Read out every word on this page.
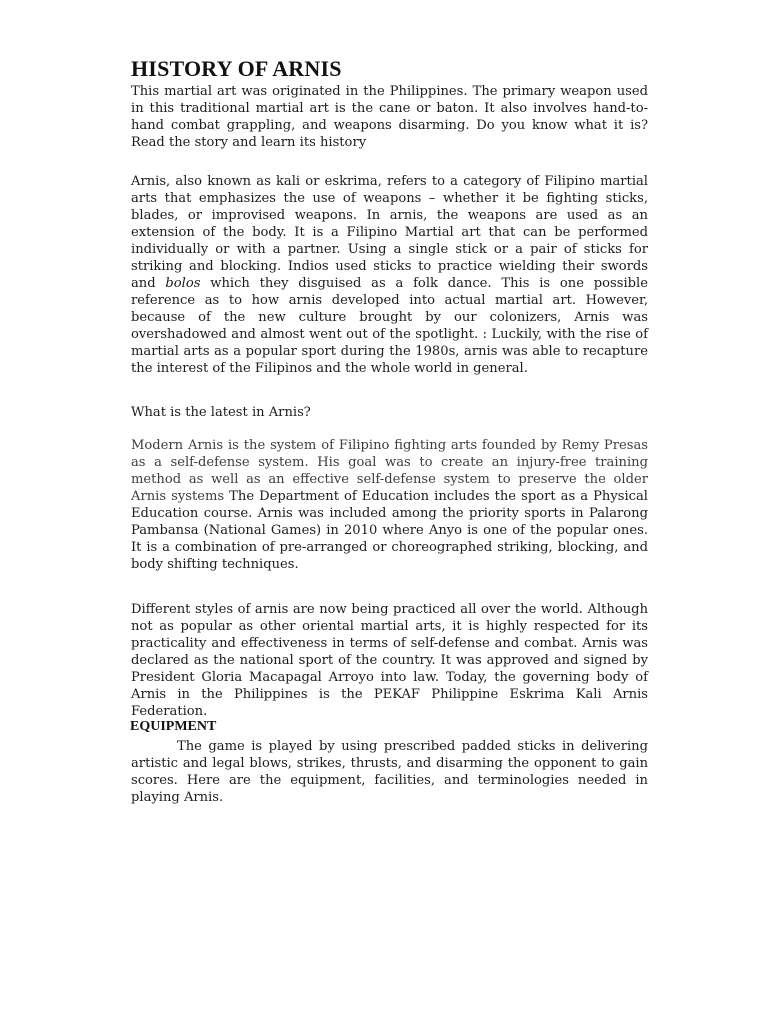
HISTORY OF ARNIS

This martial art was originated in the Philippines. The primary weapon used in this traditional martial art is the cane or baton. It also involves hand-to-hand combat grappling, and weapons disarming. Do you know what it is? Read the story and learn its history

Arnis, also known as kali or eskrima, refers to a category of Filipino martial arts that emphasizes the use of weapons – whether it be fighting sticks, blades, or improvised weapons. In arnis, the weapons are used as an extension of the body. It is a Filipino Martial art that can be performed individually or with a partner. Using a single stick or a pair of sticks for striking and blocking. Indios used sticks to practice wielding their swords and bolos which they disguised as a folk dance. This is one possible reference as to how arnis developed into actual martial art. However, because of the new culture brought by our colonizers, Arnis was overshadowed and almost went out of the spotlight. : Luckily, with the rise of martial arts as a popular sport during the 1980s, arnis was able to recapture the interest of the Filipinos and the whole world in general.

What is the latest in Arnis?

Modern Arnis is the system of Filipino fighting arts founded by Remy Presas as a self-defense system. His goal was to create an injury-free training method as well as an effective self-defense system to preserve the older Arnis systems The Department of Education includes the sport as a Physical Education course. Arnis was included among the priority sports in Palarong Pambansa (National Games) in 2010 where Anyo is one of the popular ones. It is a combination of pre-arranged or choreographed striking, blocking, and body shifting techniques.

Different styles of arnis are now being practiced all over the world. Although not as popular as other oriental martial arts, it is highly respected for its practicality and effectiveness in terms of self-defense and combat. Arnis was declared as the national sport of the country. It was approved and signed by President Gloria Macapagal Arroyo into law. Today, the governing body of Arnis in the Philippines is the PEKAF Philippine Eskrima Kali Arnis Federation.

EQUIPMENT

The game is played by using prescribed padded sticks in delivering artistic and legal blows, strikes, thrusts, and disarming the opponent to gain scores. Here are the equipment, facilities, and terminologies needed in playing Arnis.
